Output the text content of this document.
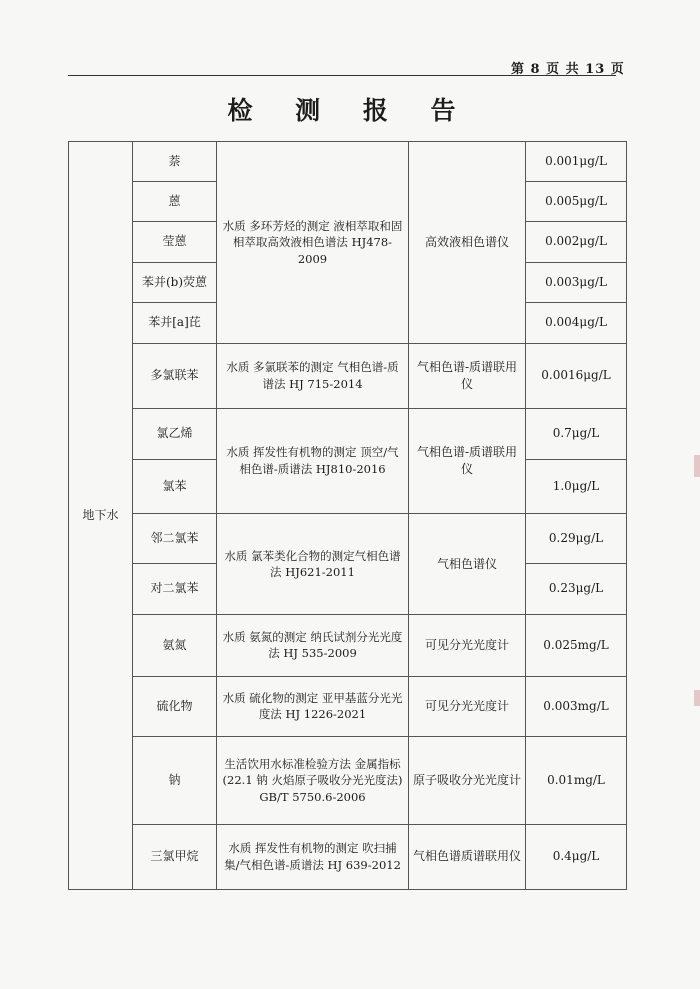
第 8 页 共 13 页
检 测 报 告
地下水	萘	水质 多环芳烃的测定 液相萃取和固相萃取高效液相色谱法 HJ478-2009	高效液相色谱仪	0.001μg/L
	蒽			0.005μg/L
	莹蒽			0.002μg/L
	苯并(b)荧蒽			0.003μg/L
	苯并[a]芘			0.004μg/L
	多氯联苯	水质 多氯联苯的测定 气相色谱-质谱法 HJ 715-2014	气相色谱-质谱联用仪	0.0016μg/L
	氯乙烯	水质 挥发性有机物的测定 顶空/气相色谱-质谱法 HJ810-2016	气相色谱-质谱联用仪	0.7μg/L
	氯苯			1.0μg/L
	邻二氯苯	水质 氯苯类化合物的测定气相色谱法 HJ621-2011	气相色谱仪	0.29μg/L
	对二氯苯			0.23μg/L
	氨氮	水质 氨氮的测定 纳氏试剂分光光度法 HJ 535-2009	可见分光光度计	0.025mg/L
	硫化物	水质 硫化物的测定 亚甲基蓝分光光度法 HJ 1226-2021	可见分光光度计	0.003mg/L
	钠	生活饮用水标准检验方法 金属指标(22.1 钠 火焰原子吸收分光光度法) GB/T 5750.6-2006	原子吸收分光光度计	0.01mg/L
	三氯甲烷	水质 挥发性有机物的测定 吹扫捕集/气相色谱-质谱法 HJ 639-2012	气相色谱质谱联用仪	0.4μg/L
